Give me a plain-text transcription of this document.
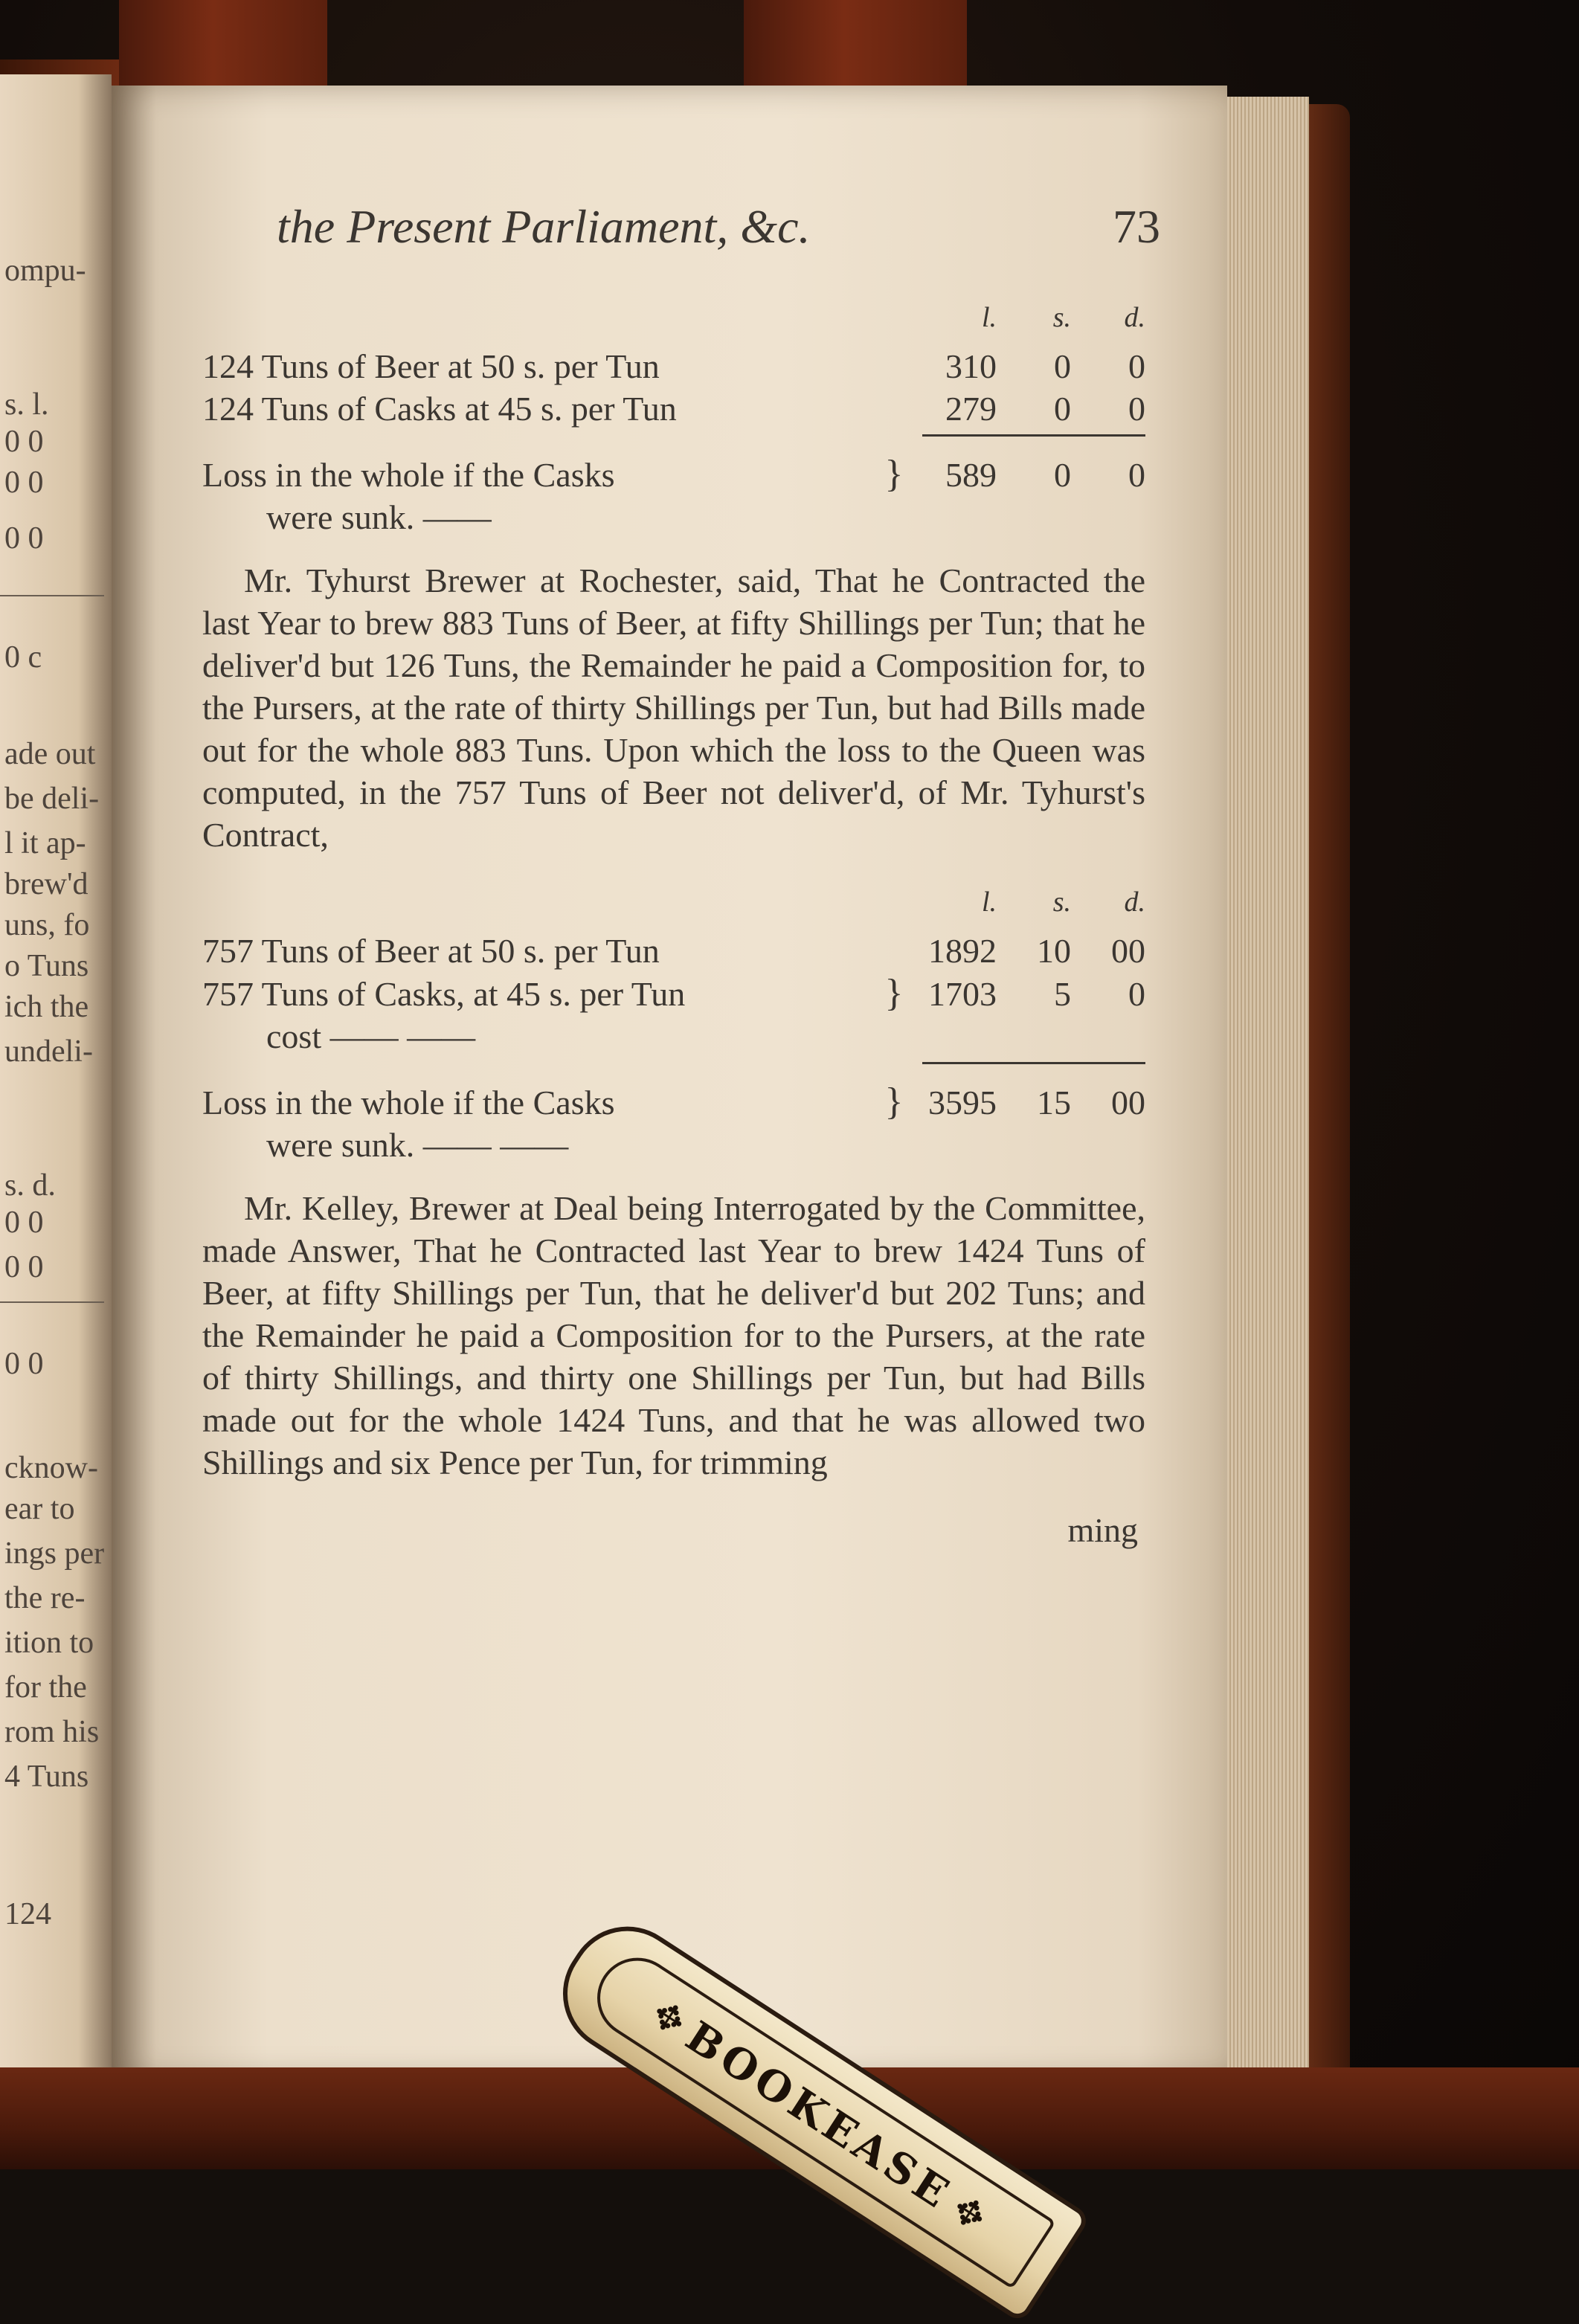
ompu-
s. l.
0 0
0 0
0 0
0 c
ade out
be deli-
l it ap-
brew'd
uns, fo
o Tuns
ich the
undeli-
s. d.
0 0
0 0
0 0
cknow-
ear to
ings per
the re-
ition to
for the
rom his
4 Tuns
124
the Present Parliament, &c.	73
l.	s.	d.
124 Tuns of Beer at 50 s. per Tun	310	0	0
124 Tuns of Casks at 45 s. per Tun	279	0	0
Loss in the whole if the Casks
were sunk. ——
}	589	0	0

Mr. Tyhurst Brewer at Rochester, said, That he Contracted the last Year to brew 883 Tuns of Beer, at fifty Shillings per Tun; that he deliver'd but 126 Tuns, the Remainder he paid a Composition for, to the Pursers, at the rate of thirty Shillings per Tun, but had Bills made out for the whole 883 Tuns. Upon which the loss to the Queen was computed, in the 757 Tuns of Beer not deliver'd, of Mr. Tyhurst's Contract,

l.	s.	d.
757 Tuns of Beer at 50 s. per Tun	1892	10	00
757 Tuns of Casks, at 45 s. per Tun
cost —— ——
} 1703	5	0
Loss in the whole if the Casks
were sunk. —— ——
} 3595	15	00

Mr. Kelley, Brewer at Deal being Interrogated by the Committee, made Answer, That he Contracted last Year to brew 1424 Tuns of Beer, at fifty Shillings per Tun, that he deliver'd but 202 Tuns; and the Remainder he paid a Composition for to the Pursers, at the rate of thirty Shillings, and thirty one Shillings per Tun, but had Bills made out for the whole 1424 Tuns, and that he was allowed two Shillings and six Pence per Tun, for trimming

ming
✥
BOOKEASE
✥
